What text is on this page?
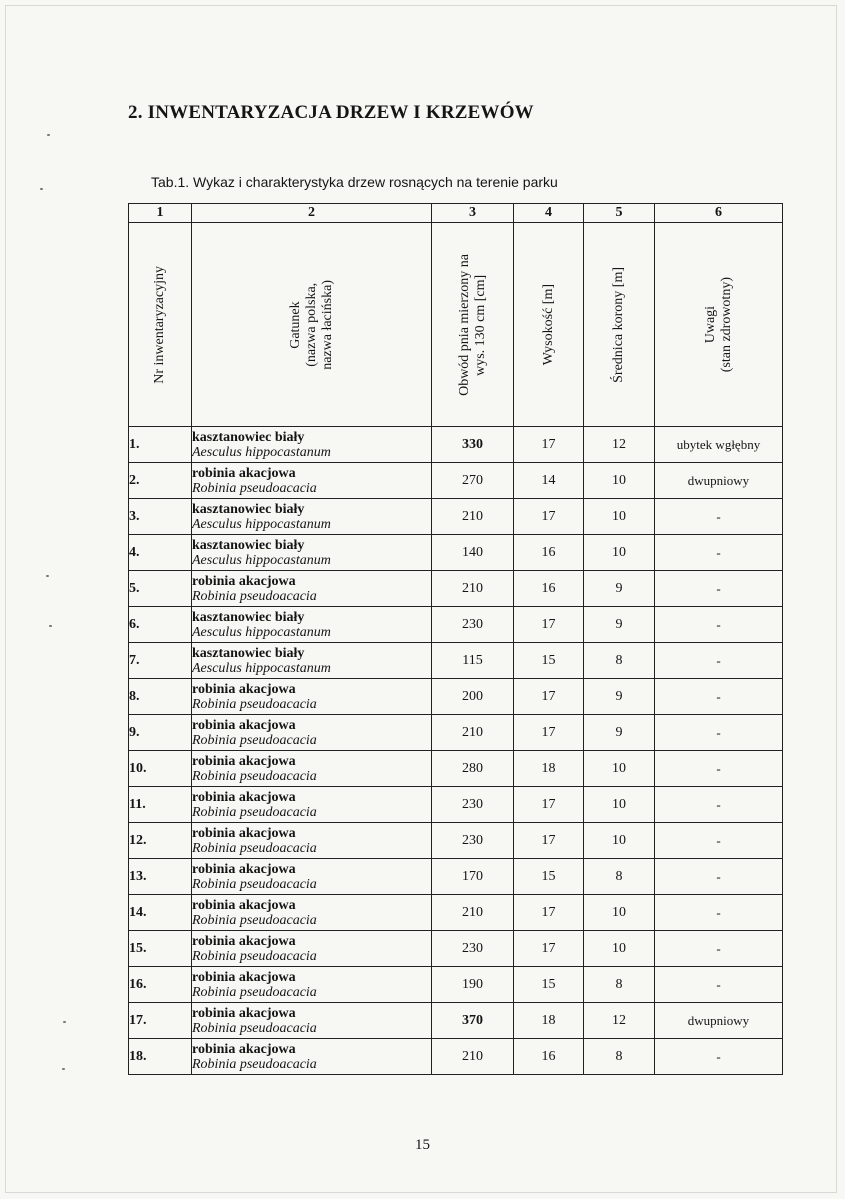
2. INWENTARYZACJA DRZEW I KRZEWÓW
Tab.1. Wykaz i charakterystyka drzew rosnących na terenie parku
1	2	3	4	5	6

Nr inwentaryzacyjny	Gatunek
(nazwa polska,
nazwa łacińska)	Obwód pnia mierzony na
wys. 130 cm [cm]	Wysokość [m]	Średnica korony [m]	Uwagi
(stan zdrowotny)

1.	kasztanowiec biały
Aesculus hippocastanum	330	17	12	ubytek wgłębny
2.	robinia akacjowa
Robinia pseudoacacia	270	14	10	dwupniowy
3.	kasztanowiec biały
Aesculus hippocastanum	210	17	10	-
4.	kasztanowiec biały
Aesculus hippocastanum	140	16	10	-
5.	robinia akacjowa
Robinia pseudoacacia	210	16	9	-
6.	kasztanowiec biały
Aesculus hippocastanum	230	17	9	-
7.	kasztanowiec biały
Aesculus hippocastanum	115	15	8	-
8.	robinia akacjowa
Robinia pseudoacacia	200	17	9	-
9.	robinia akacjowa
Robinia pseudoacacia	210	17	9	-
10.	robinia akacjowa
Robinia pseudoacacia	280	18	10	-
11.	robinia akacjowa
Robinia pseudoacacia	230	17	10	-
12.	robinia akacjowa
Robinia pseudoacacia	230	17	10	-
13.	robinia akacjowa
Robinia pseudoacacia	170	15	8	-
14.	robinia akacjowa
Robinia pseudoacacia	210	17	10	-
15.	robinia akacjowa
Robinia pseudoacacia	230	17	10	-
16.	robinia akacjowa
Robinia pseudoacacia	190	15	8	-
17.	robinia akacjowa
Robinia pseudoacacia	370	18	12	dwupniowy
18.	robinia akacjowa
Robinia pseudoacacia	210	16	8	-
15
